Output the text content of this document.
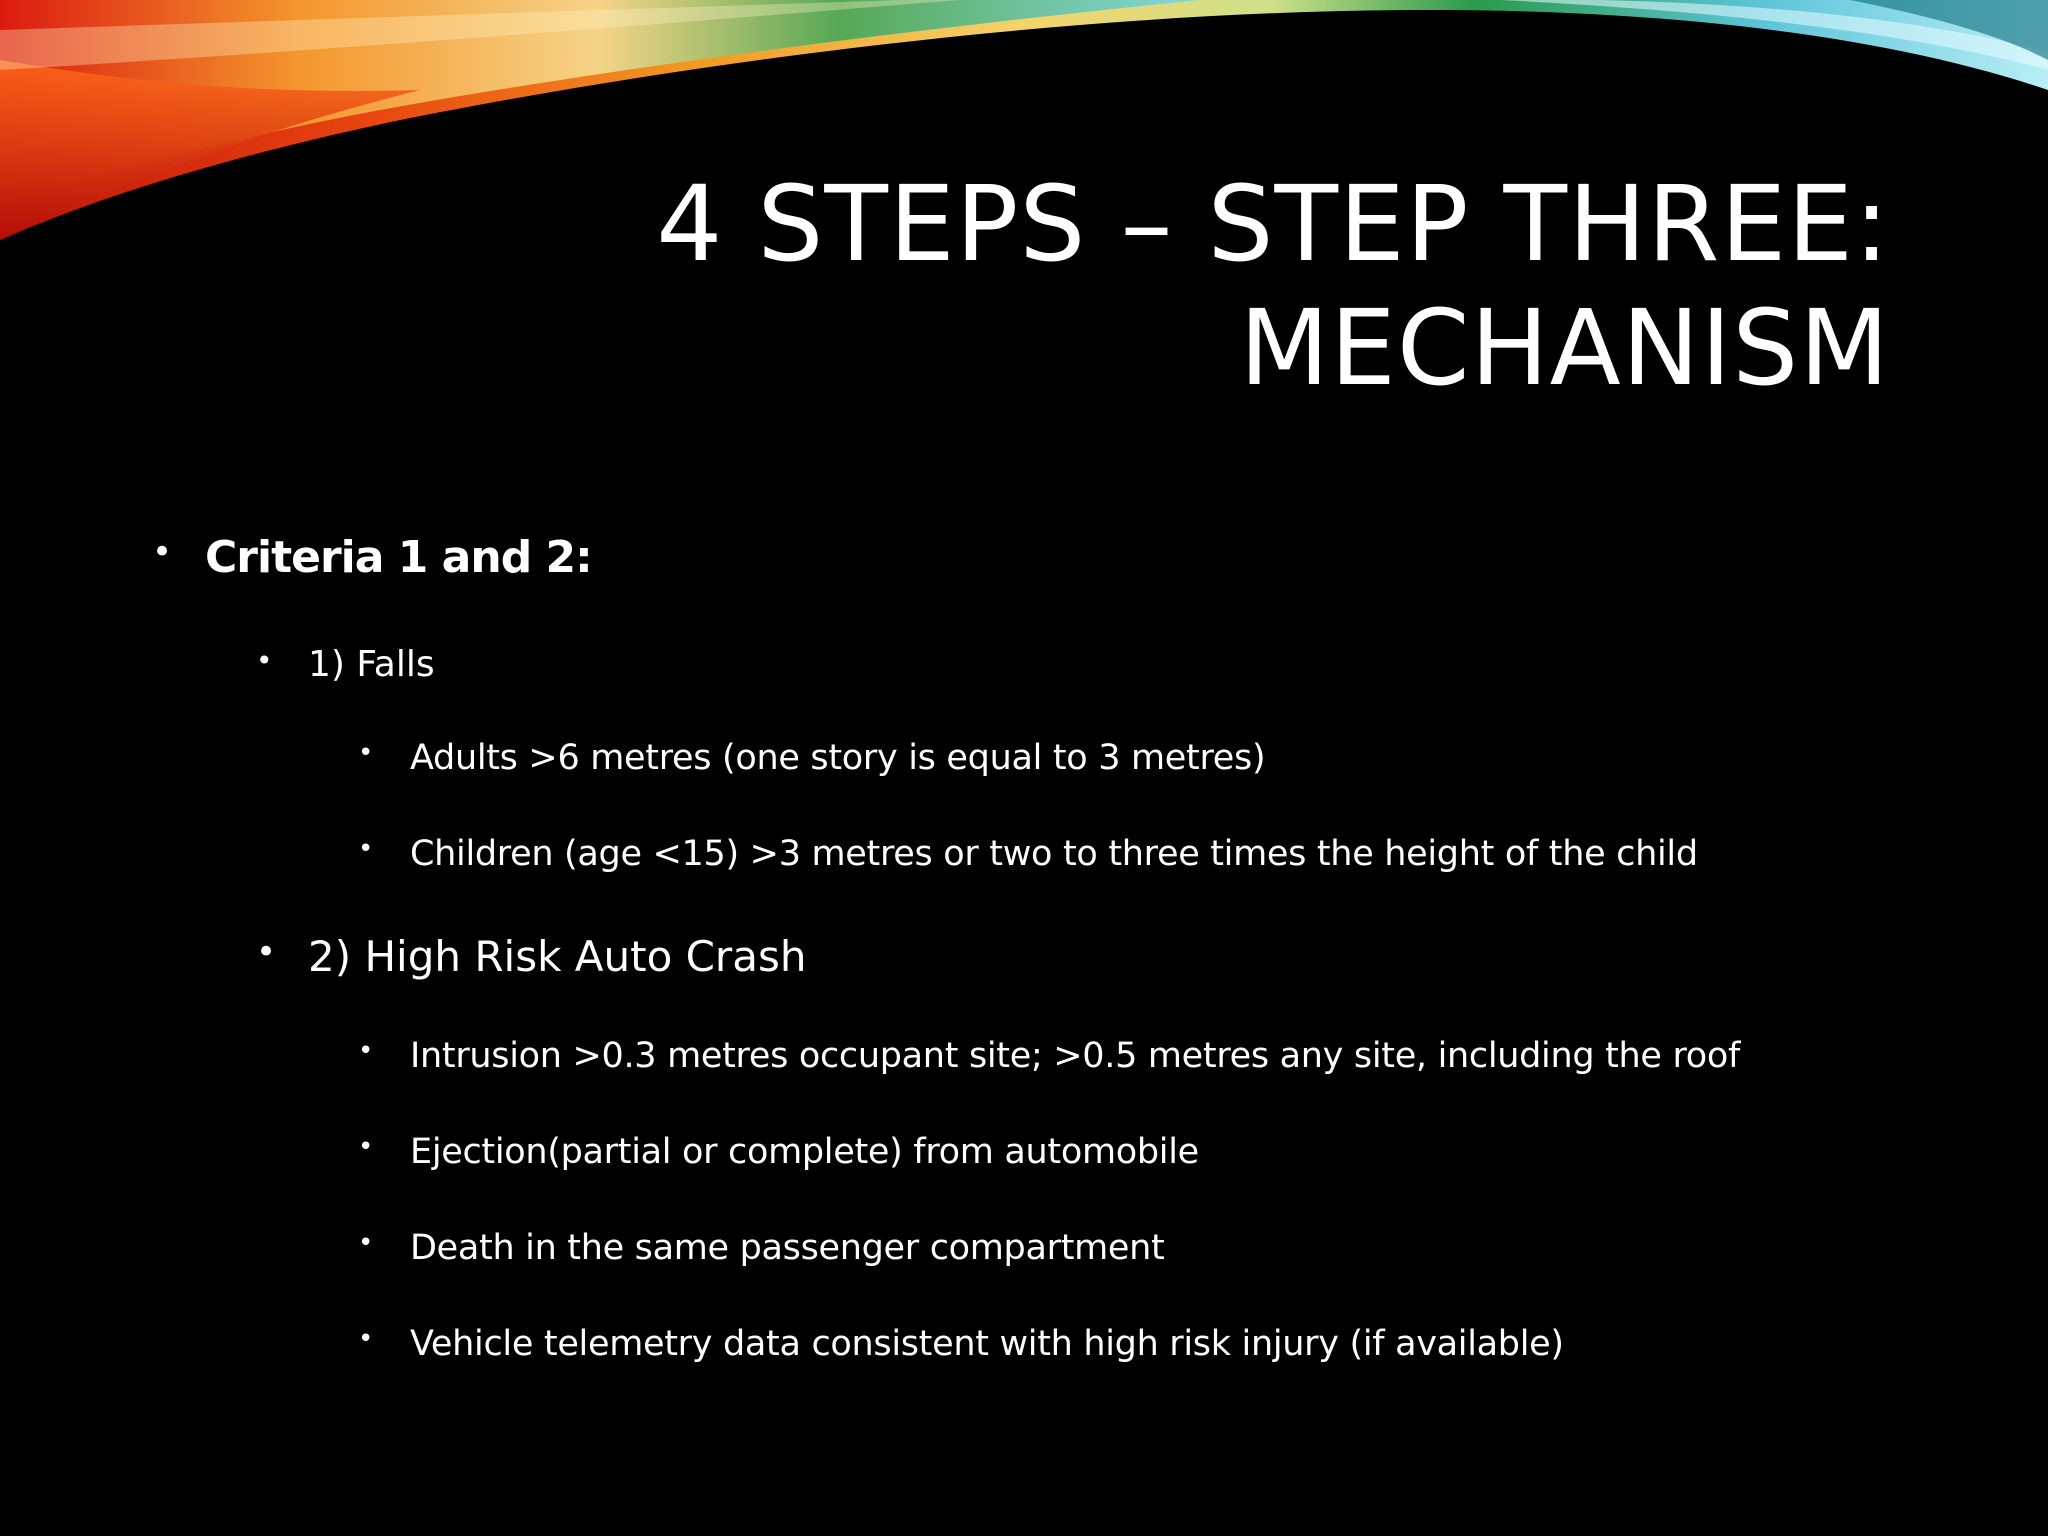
4 STEPS – STEP THREE:
MECHANISM
• Criteria 1 and 2:
• 1) Falls
• Adults >6 metres (one story is equal to 3 metres)
• Children (age <15) >3 metres or two to three times the height of the child
• 2) High Risk Auto Crash
• Intrusion >0.3 metres occupant site; >0.5 metres any site, including the roof
• Ejection(partial or complete) from automobile
• Death in the same passenger compartment
• Vehicle telemetry data consistent with high risk injury (if available)
